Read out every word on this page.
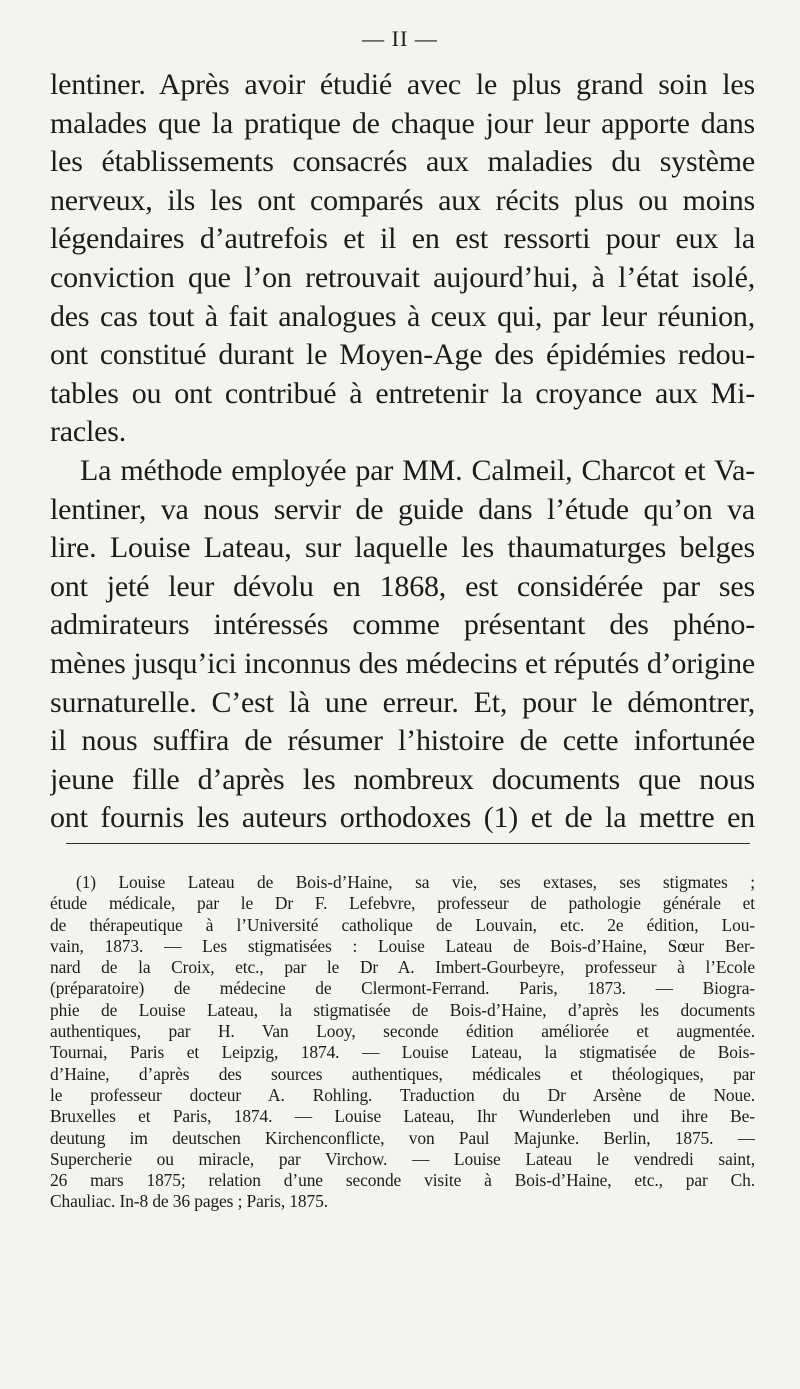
— II —
lentiner. Après avoir étudié avec le plus grand soin les
malades que la pratique de chaque jour leur apporte dans
les établissements consacrés aux maladies du système
nerveux, ils les ont comparés aux récits plus ou moins
légendaires d’autrefois et il en est ressorti pour eux la
conviction que l’on retrouvait aujourd’hui, à l’état isolé,
des cas tout à fait analogues à ceux qui, par leur réunion,
ont constitué durant le Moyen-Age des épidémies redou-
tables ou ont contribué à entretenir la croyance aux Mi-
racles.
La méthode employée par MM. Calmeil, Charcot et Va-
lentiner, va nous servir de guide dans l’étude qu’on va
lire. Louise Lateau, sur laquelle les thaumaturges belges
ont jeté leur dévolu en 1868, est considérée par ses
admirateurs intéressés comme présentant des phéno-
mènes jusqu’ici inconnus des médecins et réputés d’origine
surnaturelle. C’est là une erreur. Et, pour le démontrer,
il nous suffira de résumer l’histoire de cette infortunée
jeune fille d’après les nombreux documents que nous
ont fournis les auteurs orthodoxes (1) et de la mettre en
(1) Louise Lateau de Bois-d’Haine, sa vie, ses extases, ses stigmates ;
étude médicale, par le Dr F. Lefebvre, professeur de pathologie générale et
de thérapeutique à l’Université catholique de Louvain, etc. 2e édition, Lou-
vain, 1873. — Les stigmatisées : Louise Lateau de Bois-d’Haine, Sœur Ber-
nard de la Croix, etc., par le Dr A. Imbert-Gourbeyre, professeur à l’Ecole
(préparatoire) de médecine de Clermont-Ferrand. Paris, 1873. — Biogra-
phie de Louise Lateau, la stigmatisée de Bois-d’Haine, d’après les documents
authentiques, par H. Van Looy, seconde édition améliorée et augmentée.
Tournai, Paris et Leipzig, 1874. — Louise Lateau, la stigmatisée de Bois-
d’Haine, d’après des sources authentiques, médicales et théologiques, par
le professeur docteur A. Rohling. Traduction du Dr Arsène de Noue.
Bruxelles et Paris, 1874. — Louise Lateau, Ihr Wunderleben und ihre Be-
deutung im deutschen Kirchenconflicte, von Paul Majunke. Berlin, 1875. —
Supercherie ou miracle, par Virchow. — Louise Lateau le vendredi saint,
26 mars 1875; relation d’une seconde visite à Bois-d’Haine, etc., par Ch.
Chauliac. In-8 de 36 pages ; Paris, 1875.
